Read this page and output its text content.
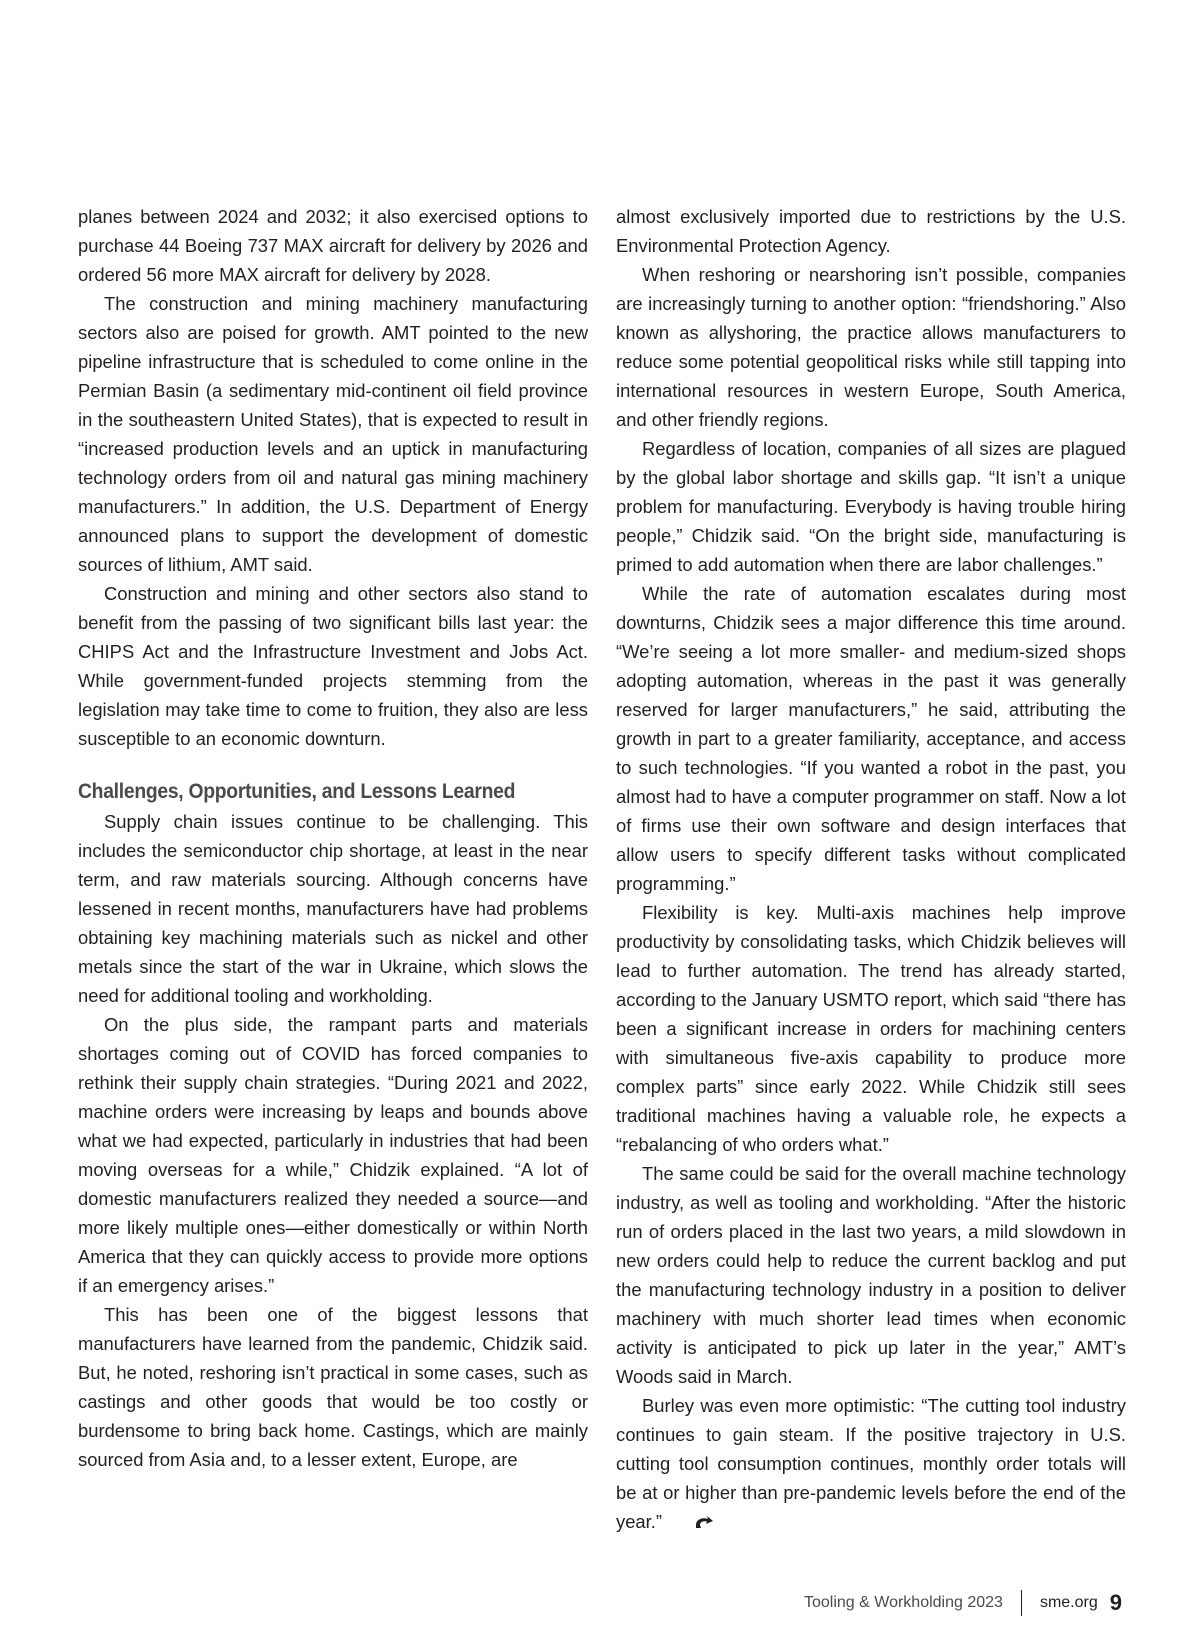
planes between 2024 and 2032; it also exercised options to purchase 44 Boeing 737 MAX aircraft for delivery by 2026 and ordered 56 more MAX aircraft for delivery by 2028.

The construction and mining machinery manufacturing sectors also are poised for growth. AMT pointed to the new pipeline infrastructure that is scheduled to come online in the Permian Basin (a sedimentary mid-continent oil field province in the southeastern United States), that is expected to result in “increased production levels and an uptick in manufacturing technology orders from oil and natural gas mining machinery manufacturers.” In addition, the U.S. Department of Energy announced plans to support the development of domestic sources of lithium, AMT said.

Construction and mining and other sectors also stand to benefit from the passing of two significant bills last year: the CHIPS Act and the Infrastructure Investment and Jobs Act. While government-funded projects stemming from the legislation may take time to come to fruition, they also are less susceptible to an economic downturn.

Challenges, Opportunities, and Lessons Learned

Supply chain issues continue to be challenging. This includes the semiconductor chip shortage, at least in the near term, and raw materials sourcing. Although concerns have lessened in recent months, manufacturers have had problems obtaining key machining materials such as nickel and other metals since the start of the war in Ukraine, which slows the need for additional tooling and workholding.

On the plus side, the rampant parts and materials shortages coming out of COVID has forced companies to rethink their supply chain strategies. “During 2021 and 2022, machine orders were increasing by leaps and bounds above what we had expected, particularly in industries that had been moving overseas for a while,” Chidzik explained. “A lot of domestic manufacturers realized they needed a source—and more likely multiple ones—either domestically or within North America that they can quickly access to provide more options if an emergency arises.”

This has been one of the biggest lessons that manufacturers have learned from the pandemic, Chidzik said. But, he noted, reshoring isn’t practical in some cases, such as castings and other goods that would be too costly or burdensome to bring back home. Castings, which are mainly sourced from Asia and, to a lesser extent, Europe, are

almost exclusively imported due to restrictions by the U.S. Environmental Protection Agency.

When reshoring or nearshoring isn’t possible, companies are increasingly turning to another option: “friendshoring.” Also known as allyshoring, the practice allows manufacturers to reduce some potential geopolitical risks while still tapping into international resources in western Europe, South America, and other friendly regions.

Regardless of location, companies of all sizes are plagued by the global labor shortage and skills gap. “It isn’t a unique problem for manufacturing. Everybody is having trouble hiring people,” Chidzik said. “On the bright side, manufacturing is primed to add automation when there are labor challenges.”

While the rate of automation escalates during most downturns, Chidzik sees a major difference this time around. “We’re seeing a lot more smaller- and medium-sized shops adopting automation, whereas in the past it was generally reserved for larger manufacturers,” he said, attributing the growth in part to a greater familiarity, acceptance, and access to such technologies. “If you wanted a robot in the past, you almost had to have a computer programmer on staff. Now a lot of firms use their own software and design interfaces that allow users to specify different tasks without complicated programming.”

Flexibility is key. Multi-axis machines help improve productivity by consolidating tasks, which Chidzik believes will lead to further automation. The trend has already started, according to the January USMTO report, which said “there has been a significant increase in orders for machining centers with simultaneous five-axis capability to produce more complex parts” since early 2022. While Chidzik still sees traditional machines having a valuable role, he expects a “rebalancing of who orders what.”

The same could be said for the overall machine technology industry, as well as tooling and workholding. “After the historic run of orders placed in the last two years, a mild slowdown in new orders could help to reduce the current backlog and put the manufacturing technology industry in a position to deliver machinery with much shorter lead times when economic activity is anticipated to pick up later in the year,” AMT’s Woods said in March.

Burley was even more optimistic: “The cutting tool industry continues to gain steam. If the positive trajectory in U.S. cutting tool consumption continues, monthly order totals will be at or higher than pre-pandemic levels before the end of the year.”

Tooling & Workholding 2023 sme.org 9
